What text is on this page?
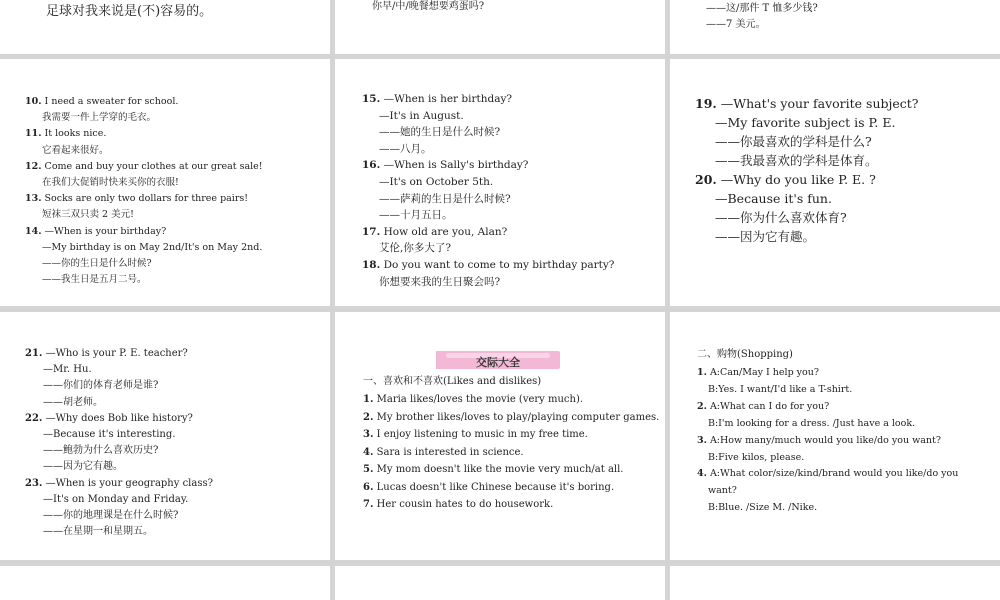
足球对我来说是(不)容易的。	你早/中/晚餐想要鸡蛋吗?	——这/那件 T 恤多少钱?
——7 美元。
10. I need a sweater for school.
我需要一件上学穿的毛衣。
11. It looks nice.
它看起来很好。
12. Come and buy your clothes at our great sale!
在我们大促销时快来买你的衣服!
13. Socks are only two dollars for three pairs!
短袜三双只卖 2 美元!
14. —When is your birthday?
—My birthday is on May 2nd/It's on May 2nd.
——你的生日是什么时候?
——我生日是五月二号。
15. —When is her birthday?
—It's in August.
——她的生日是什么时候?
——八月。
16. —When is Sally's birthday?
—It's on October 5th.
——萨莉的生日是什么时候?
——十月五日。
17. How old are you, Alan?
艾伦,你多大了?
18. Do you want to come to my birthday party?
你想要来我的生日聚会吗?
19. —What's your favorite subject?
—My favorite subject is P. E.
——你最喜欢的学科是什么?
——我最喜欢的学科是体育。
20. —Why do you like P. E. ?
—Because it's fun.
——你为什么喜欢体育?
——因为它有趣。
21. —Who is your P. E. teacher?
—Mr. Hu.
——你们的体育老师是谁?
——胡老师。
22. —Why does Bob like history?
—Because it's interesting.
——鲍勃为什么喜欢历史?
——因为它有趣。
23. —When is your geography class?
—It's on Monday and Friday.
——你的地理课是在什么时候?
——在星期一和星期五。
交际大全
一、喜欢和不喜欢(Likes and dislikes)
1. Maria likes/loves the movie (very much).
2. My brother likes/loves to play/playing computer games.
3. I enjoy listening to music in my free time.
4. Sara is interested in science.
5. My mom doesn't like the movie very much/at all.
6. Lucas doesn't like Chinese because it's boring.
7. Her cousin hates to do housework.
1. A:Can/May I help you?
B:Yes. I want/I'd like a T-shirt.
2. A:What can I do for you?
B:I'm looking for a dress. /Just have a look.
3. A:How many/much would you like/do you want?
B:Five kilos, please.
4. A:What color/size/kind/brand would you like/do you
want?
B:Blue. /Size M. /Nike.
二、购物(Shopping)
